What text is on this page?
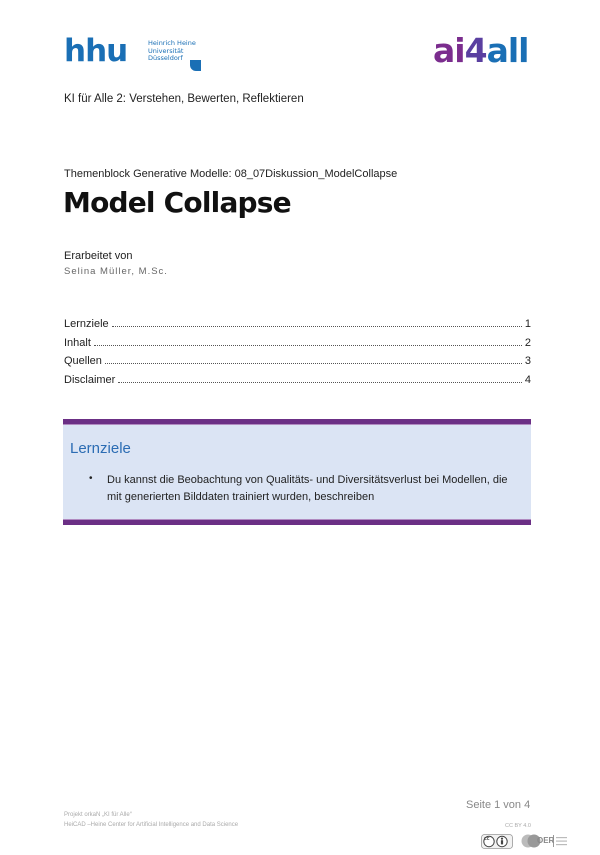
hhu	Heinrich Heine
Universität
Düsseldorf	ai4all
KI für Alle 2: Verstehen, Bewerten, Reflektieren
Themenblock Generative Modelle: 08_07Diskussion_ModelCollapse
Model Collapse
Erarbeitet von
Selina Müller, M.Sc.
Lernziele	1
Inhalt	2
Quellen	3
Disclaimer	4
Lernziele
• Du kannst die Beobachtung von Qualitäts- und Diversitätsverlust bei Modellen, die mit generierten Bilddaten trainiert wurden, beschreiben
Seite 1 von 4
Projekt orkaN „KI für Alle“
HeiCAD –Heine Center for Artificial Intelligence and Data Science	CC BY 4.0
cc	OER
